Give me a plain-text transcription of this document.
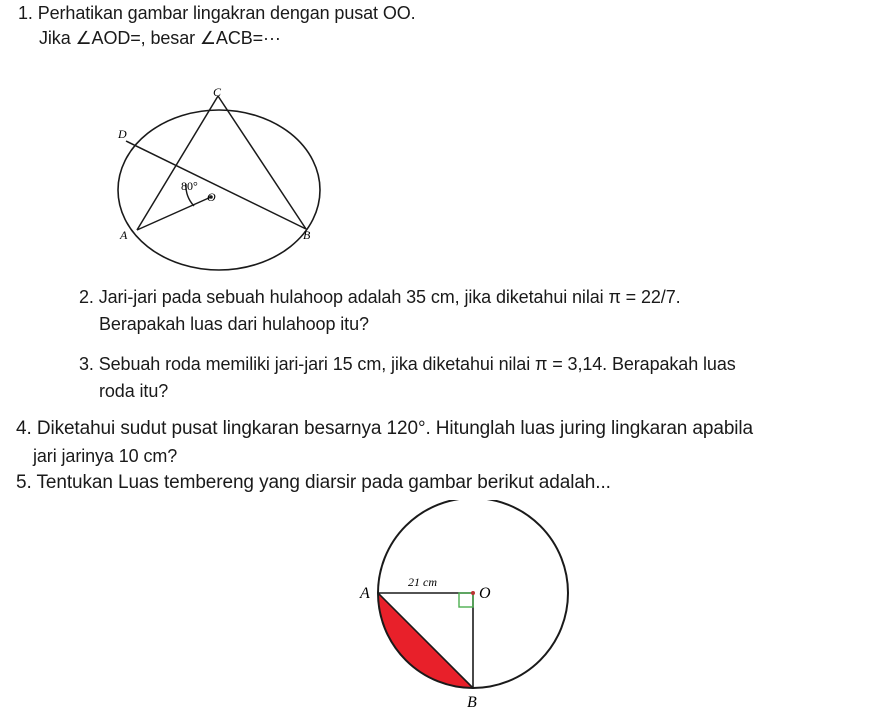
1. Perhatikan gambar lingakran dengan pusat OO.
Jika ∠AOD=, besar ∠ACB=···
C
D
O
A	B
80°
2. Jari-jari pada sebuah hulahoop adalah 35 cm, jika diketahui nilai π = 22/7.
Berapakah luas dari hulahoop itu?
3. Sebuah roda memiliki jari-jari 15 cm, jika diketahui nilai π = 3,14. Berapakah luas
roda itu?
4. Diketahui sudut pusat lingkaran besarnya 120°. Hitunglah luas juring lingkaran apabila
jari jarinya 10 cm?
5. Tentukan Luas tembereng yang diarsir pada gambar berikut adalah...
A	O
B
21 cm
